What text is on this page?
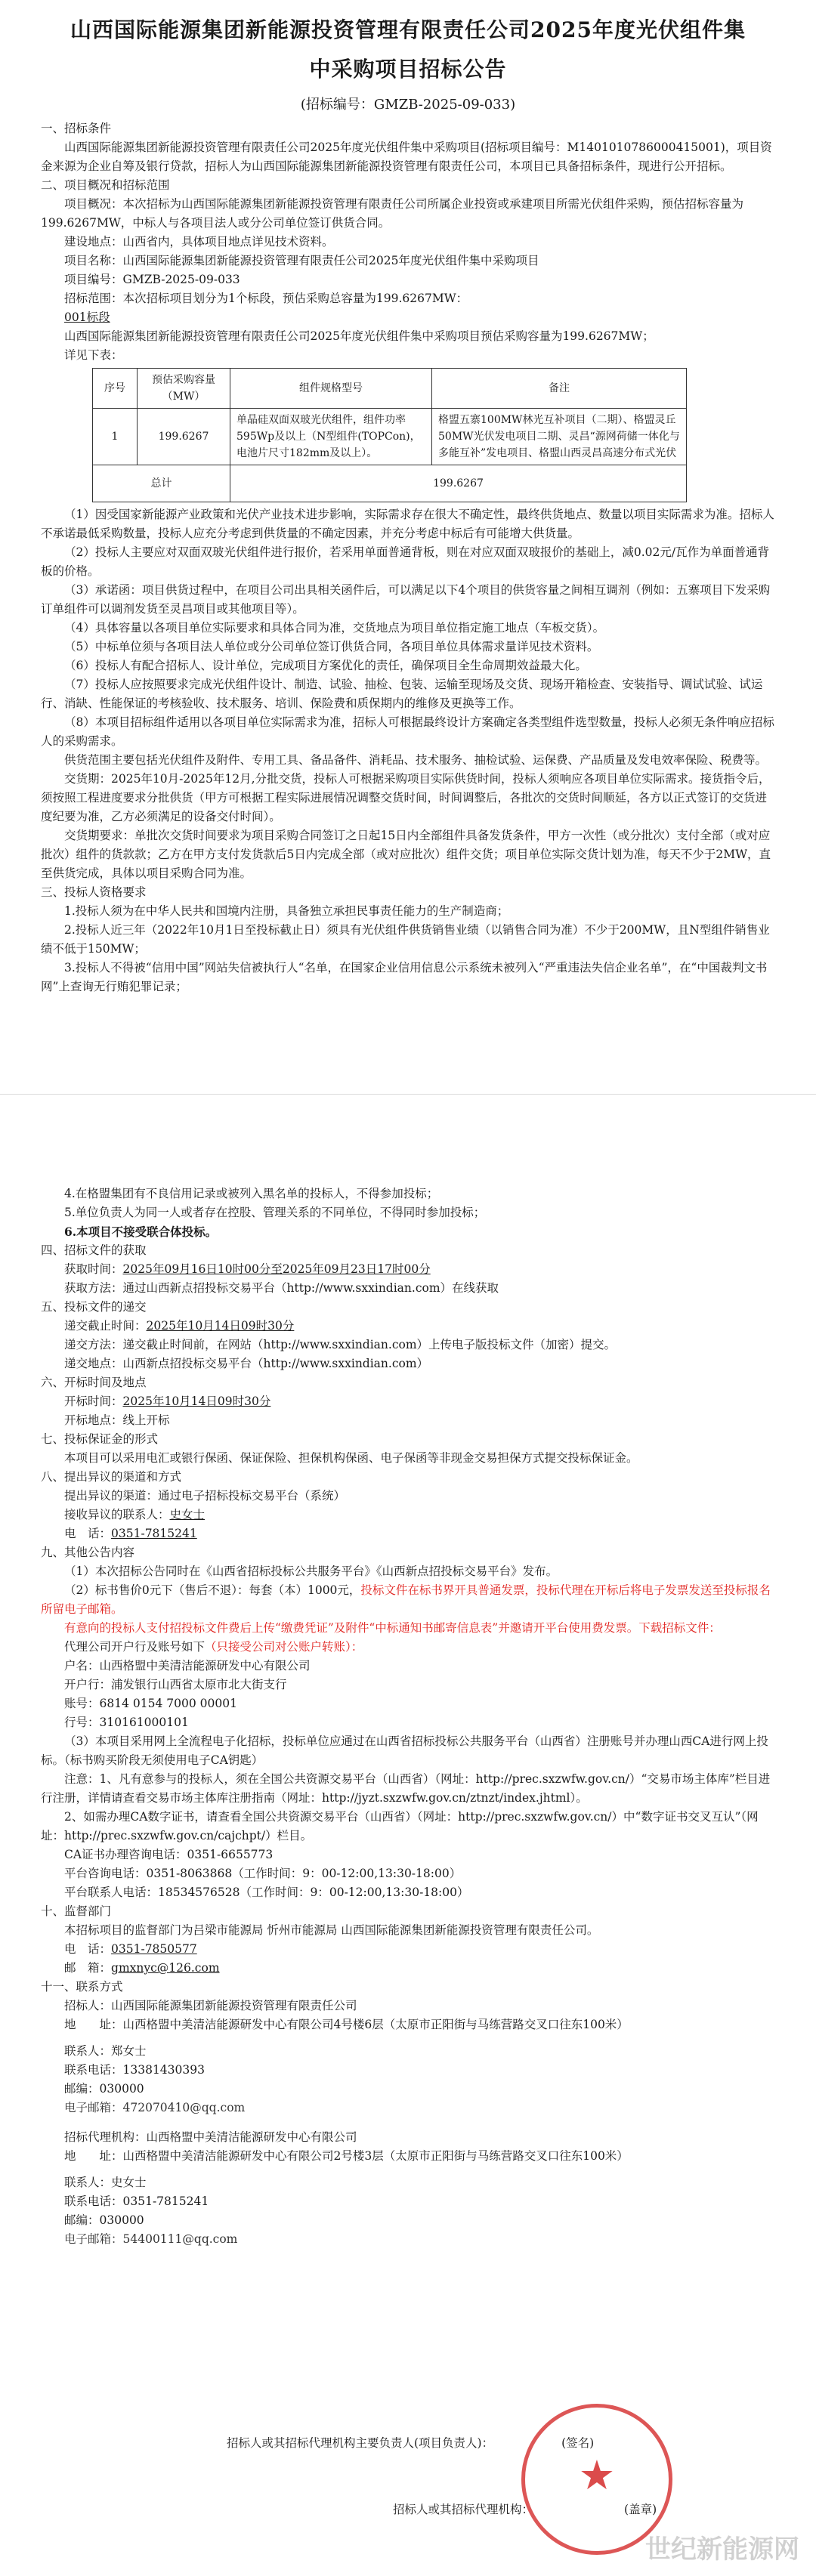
山西国际能源集团新能源投资管理有限责任公司2025年度光伏组件集
中采购项目招标公告
(招标编号：GMZB-2025-09-033)
一、招标条件
山西国际能源集团新能源投资管理有限责任公司2025年度光伏组件集中采购项目(招标项目编号：M1401010786000415001)，项目资金来源为企业自筹及银行贷款，招标人为山西国际能源集团新能源投资管理有限责任公司，本项目已具备招标条件，现进行公开招标。
二、项目概况和招标范围
项目概况：本次招标为山西国际能源集团新能源投资管理有限责任公司所属企业投资或承建项目所需光伏组件采购，预估招标容量为199.6267MW，中标人与各项目法人或分公司单位签订供货合同。
建设地点：山西省内，具体项目地点详见技术资料。
项目名称：山西国际能源集团新能源投资管理有限责任公司2025年度光伏组件集中采购项目
项目编号：GMZB-2025-09-033
招标范围：本次招标项目划分为1个标段，预估采购总容量为199.6267MW：
001标段
山西国际能源集团新能源投资管理有限责任公司2025年度光伏组件集中采购项目预估采购容量为199.6267MW；
详见下表：
序号	预估采购容量（MW）	组件规格型号	备注
1	199.6267	单晶硅双面双玻光伏组件，组件功率595Wp及以上（N型组件(TOPCon)，电池片尺寸182mm及以上）。	格盟五寨100MW林光互补项目（二期）、格盟灵丘50MW光伏发电项目二期、灵昌“源网荷储一体化与多能互补”发电项目、格盟山西灵昌高速分布式光伏
总计		199.6267	
（1）因受国家新能源产业政策和光伏产业技术进步影响，实际需求存在很大不确定性，最终供货地点、数量以项目实际需求为准。招标人不承诺最低采购数量，投标人应充分考虑到供货量的不确定因素，并充分考虑中标后有可能增大供货量。
（2）投标人主要应对双面双玻光伏组件进行报价，若采用单面普通背板，则在对应双面双玻报价的基础上，减0.02元/瓦作为单面普通背板的价格。
（3）承诺函：项目供货过程中，在项目公司出具相关函件后，可以满足以下4个项目的供货容量之间相互调剂（例如：五寨项目下发采购订单组件可以调剂发货至灵昌项目或其他项目等）。
（4）具体容量以各项目单位实际要求和具体合同为准，交货地点为项目单位指定施工地点（车板交货）。
（5）中标单位须与各项目法人单位或分公司单位签订供货合同，各项目单位具体需求量详见技术资料。
（6）投标人有配合招标人、设计单位，完成项目方案优化的责任，确保项目全生命周期效益最大化。
（7）投标人应按照要求完成光伏组件设计、制造、试验、抽检、包装、运输至现场及交货、现场开箱检查、安装指导、调试试验、试运行、消缺、性能保证的考核验收、技术服务、培训、保险费和质保期内的维修及更换等工作。
（8）本项目招标组件适用以各项目单位实际需求为准，招标人可根据最终设计方案确定各类型组件选型数量，投标人必须无条件响应招标人的采购需求。
供货范围主要包括光伏组件及附件、专用工具、备品备件、消耗品、技术服务、抽检试验、运保费、产品质量及发电效率保险、税费等。
交货期：2025年10月-2025年12月,分批交货，投标人可根据采购项目实际供货时间，投标人须响应各项目单位实际需求。接货指令后，须按照工程进度要求分批供货（甲方可根据工程实际进展情况调整交货时间，时间调整后，各批次的交货时间顺延，各方以正式签订的交货进度纪要为准，乙方必须满足的设备交付时间）。
交货期要求：单批次交货时间要求为项目采购合同签订之日起15日内全部组件具备发货条件，甲方一次性（或分批次）支付全部（或对应批次）组件的货款款；乙方在甲方支付发货款后5日内完成全部（或对应批次）组件交货；项目单位实际交货计划为准，每天不少于2MW，直至供货完成，具体以项目采购合同为准。
三、投标人资格要求
1.投标人须为在中华人民共和国境内注册，具备独立承担民事责任能力的生产制造商；
2.投标人近三年（2022年10月1日至投标截止日）须具有光伏组件供货销售业绩（以销售合同为准）不少于200MW，且N型组件销售业绩不低于150MW；
3.投标人不得被“信用中国”网站失信被执行人“名单，在国家企业信用信息公示系统未被列入“严重违法失信企业名单”，在“中国裁判文书网”上查询无行贿犯罪记录；
4.在格盟集团有不良信用记录或被列入黑名单的投标人，不得参加投标；
5.单位负责人为同一人或者存在控股、管理关系的不同单位，不得同时参加投标；
6.本项目不接受联合体投标。
四、招标文件的获取
获取时间：2025年09月16日10时00分至2025年09月23日17时00分
获取方法：通过山西新点招投标交易平台（http://www.sxxindian.com）在线获取
五、投标文件的递交
递交截止时间：2025年10月14日09时30分
递交方法：递交截止时间前，在网站（http://www.sxxindian.com）上传电子版投标文件（加密）提交。
递交地点：山西新点招投标交易平台（http://www.sxxindian.com）
六、开标时间及地点
开标时间：2025年10月14日09时30分
开标地点：线上开标
七、投标保证金的形式
本项目可以采用电汇或银行保函、保证保险、担保机构保函、电子保函等非现金交易担保方式提交投标保证金。
八、提出异议的渠道和方式
提出异议的渠道：通过电子招标投标交易平台（系统）
接收异议的联系人：史女士
电　话：0351-7815241
九、其他公告内容
（1）本次招标公告同时在《山西省招标投标公共服务平台》《山西新点招投标交易平台》发布。
（2）标书售价0元下（售后不退）：每套（本）1000元，投标文件在标书界开具普通发票，投标代理在开标后将电子发票发送至投标报名所留电子邮箱。
有意向的投标人支付招投标文件费后上传“缴费凭证”及附件“中标通知书邮寄信息表”并邀请开平台使用费发票。下载招标文件：
代理公司开户行及账号如下（只接受公司对公账户转账）：
户名：山西格盟中美清洁能源研发中心有限公司
开户行：浦发银行山西省太原市北大街支行
账号：6814 0154 7000 00001
行号：310161000101
（3）本项目采用网上全流程电子化招标，投标单位应通过在山西省招标投标公共服务平台（山西省）注册账号并办理山西CA进行网上投标。（标书购买阶段无须使用电子CA钥匙）
注意：1、凡有意参与的投标人，须在全国公共资源交易平台（山西省）（网址：http://prec.sxzwfw.gov.cn/）“交易市场主体库”栏目进行注册，详情请查看交易市场主体库注册指南（网址：http://jyzt.sxzwfw.gov.cn/ztnzt/index.jhtml）。
2、如需办理CA数字证书，请查看全国公共资源交易平台（山西省）（网址：http://prec.sxzwfw.gov.cn/）中“数字证书交叉互认”（网址：http://prec.sxzwfw.gov.cn/cajchpt/）栏目。
CA证书办理咨询电话：0351-6655773
平台咨询电话：0351-8063868（工作时间：9：00-12:00,13:30-18:00）
平台联系人电话：18534576528（工作时间：9：00-12:00,13:30-18:00）
十、监督部门
本招标项目的监督部门为吕梁市能源局 忻州市能源局 山西国际能源集团新能源投资管理有限责任公司。
电　话：0351-7850577
邮　箱：gmxnyc@126.com
十一、联系方式
招标人：山西国际能源集团新能源投资管理有限责任公司
地　　址：山西格盟中美清洁能源研发中心有限公司4号楼6层（太原市正阳街与马练营路交叉口往东100米）
联系人：郑女士
联系电话：13381430393
邮编：030000
电子邮箱：472070410@qq.com
招标代理机构：山西格盟中美清洁能源研发中心有限公司
地　　址：山西格盟中美清洁能源研发中心有限公司2号楼3层（太原市正阳街与马练营路交叉口往东100米）
联系人：史女士
联系电话：0351-7815241
邮编：030000
电子邮箱：54400111@qq.com
招标人或其招标代理机构主要负责人(项目负责人)：	(签名)
招标人或其招标代理机构：	(盖章)
★
世纪新能源网
